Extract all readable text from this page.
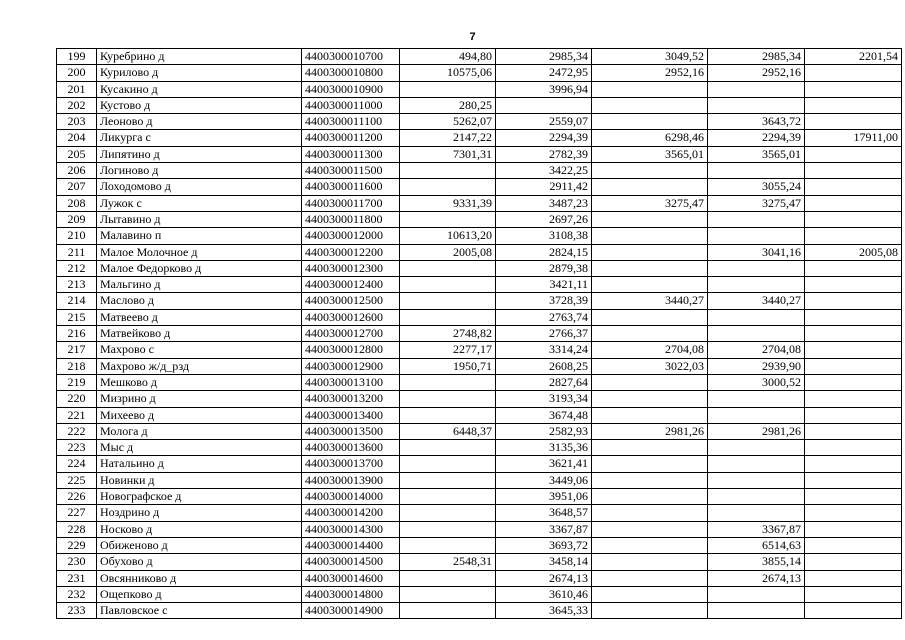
7
199	Куребрино д	4400300010700	494,80	2985,34	3049,52	2985,34	2201,54
200	Курилово д	4400300010800	10575,06	2472,95	2952,16	2952,16	
201	Кусакино д	4400300010900		3996,94			
202	Кустово д	4400300011000	280,25				
203	Леоново д	4400300011100	5262,07	2559,07		3643,72	
204	Ликурга с	4400300011200	2147,22	2294,39	6298,46	2294,39	17911,00
205	Липятино д	4400300011300	7301,31	2782,39	3565,01	3565,01	
206	Логиново д	4400300011500		3422,25			
207	Лоходомово д	4400300011600		2911,42		3055,24	
208	Лужок с	4400300011700	9331,39	3487,23	3275,47	3275,47	
209	Лытавино д	4400300011800		2697,26			
210	Малавино п	4400300012000	10613,20	3108,38			
211	Малое Молочное д	4400300012200	2005,08	2824,15		3041,16	2005,08
212	Малое Федорково д	4400300012300		2879,38			
213	Мальгино д	4400300012400		3421,11			
214	Маслово д	4400300012500		3728,39	3440,27	3440,27	
215	Матвеево д	4400300012600		2763,74			
216	Матвейково д	4400300012700	2748,82	2766,37			
217	Махрово с	4400300012800	2277,17	3314,24	2704,08	2704,08	
218	Махрово ж/д_рзд	4400300012900	1950,71	2608,25	3022,03	2939,90	
219	Мешково д	4400300013100		2827,64		3000,52	
220	Мизрино д	4400300013200		3193,34			
221	Михеево д	4400300013400		3674,48			
222	Молога д	4400300013500	6448,37	2582,93	2981,26	2981,26	
223	Мыс д	4400300013600		3135,36			
224	Натальино д	4400300013700		3621,41			
225	Новинки д	4400300013900		3449,06			
226	Новографское д	4400300014000		3951,06			
227	Ноздрино д	4400300014200		3648,57			
228	Носково д	4400300014300		3367,87		3367,87	
229	Обиженово д	4400300014400		3693,72		6514,63	
230	Обухово д	4400300014500	2548,31	3458,14		3855,14	
231	Овсянниково д	4400300014600		2674,13		2674,13	
232	Ощепково д	4400300014800		3610,46			
233	Павловское с	4400300014900		3645,33			
